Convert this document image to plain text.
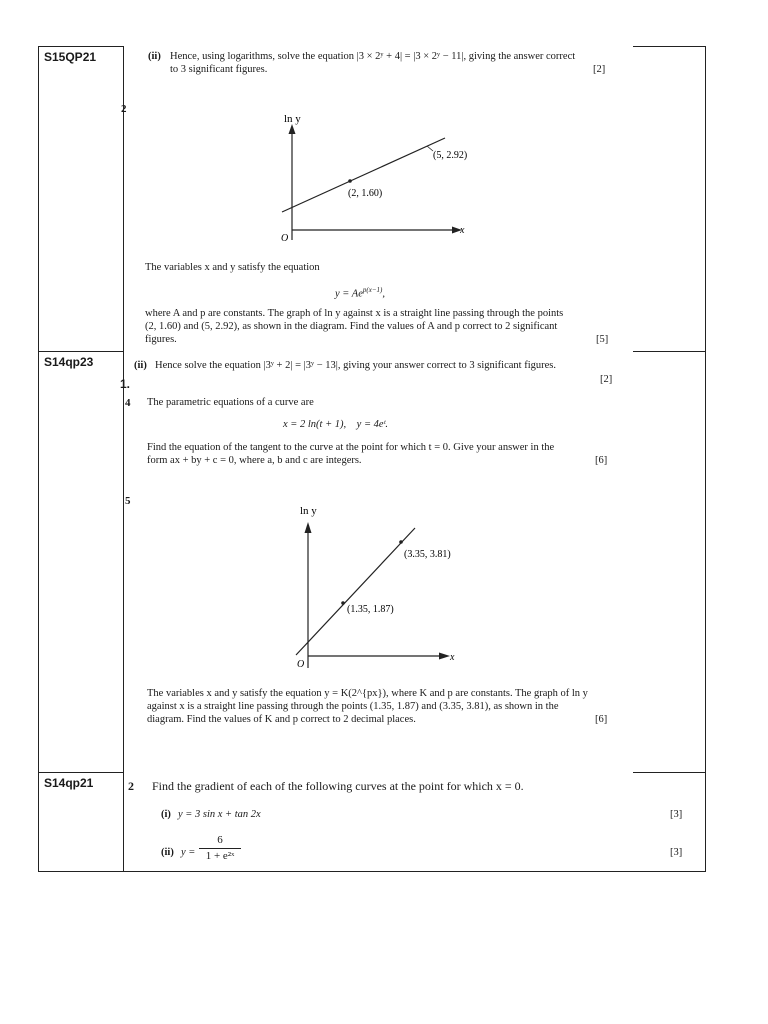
S15QP21	(ii) Hence, using logarithms, solve the equation |3 × 2ʸ + 4| = |3 × 2ʸ − 11|, giving the answer correct
to 3 significant figures.	[2]
2
ln y
x
O
(2, 1.60)
(5, 2.92)
The variables x and y satisfy the equation
$y = Ae^{p(x-1)}$,
where A and p are constants. The graph of ln y against x is a straight line passing through the points
(2, 1.60) and (5, 2.92), as shown in the diagram. Find the values of A and p correct to 2 significant
figures.	[5]
S14qp23	(ii) Hence solve the equation |3ʸ + 2| = |3ʸ − 13|, giving your answer correct to 3 significant figures.
[2]
1.
4 The parametric equations of a curve are
x = 2 ln(t + 1),    y = 4eᵗ.
Find the equation of the tangent to the curve at the point for which t = 0. Give your answer in the
form ax + by + c = 0, where a, b and c are integers.	[6]
5
ln y
x
O
(1.35, 1.87)
(3.35, 3.81)
The variables x and y satisfy the equation y = K(2^{px}), where K and p are constants. The graph of ln y
against x is a straight line passing through the points (1.35, 1.87) and (3.35, 3.81), as shown in the
diagram. Find the values of K and p correct to 2 decimal places.	[6]
S14qp21	2 Find the gradient of each of the following curves at the point for which x = 0.
(i) y = 3 sin x + tan 2x	[3]
(ii) y =
6
1 + e²ˣ	[3]
